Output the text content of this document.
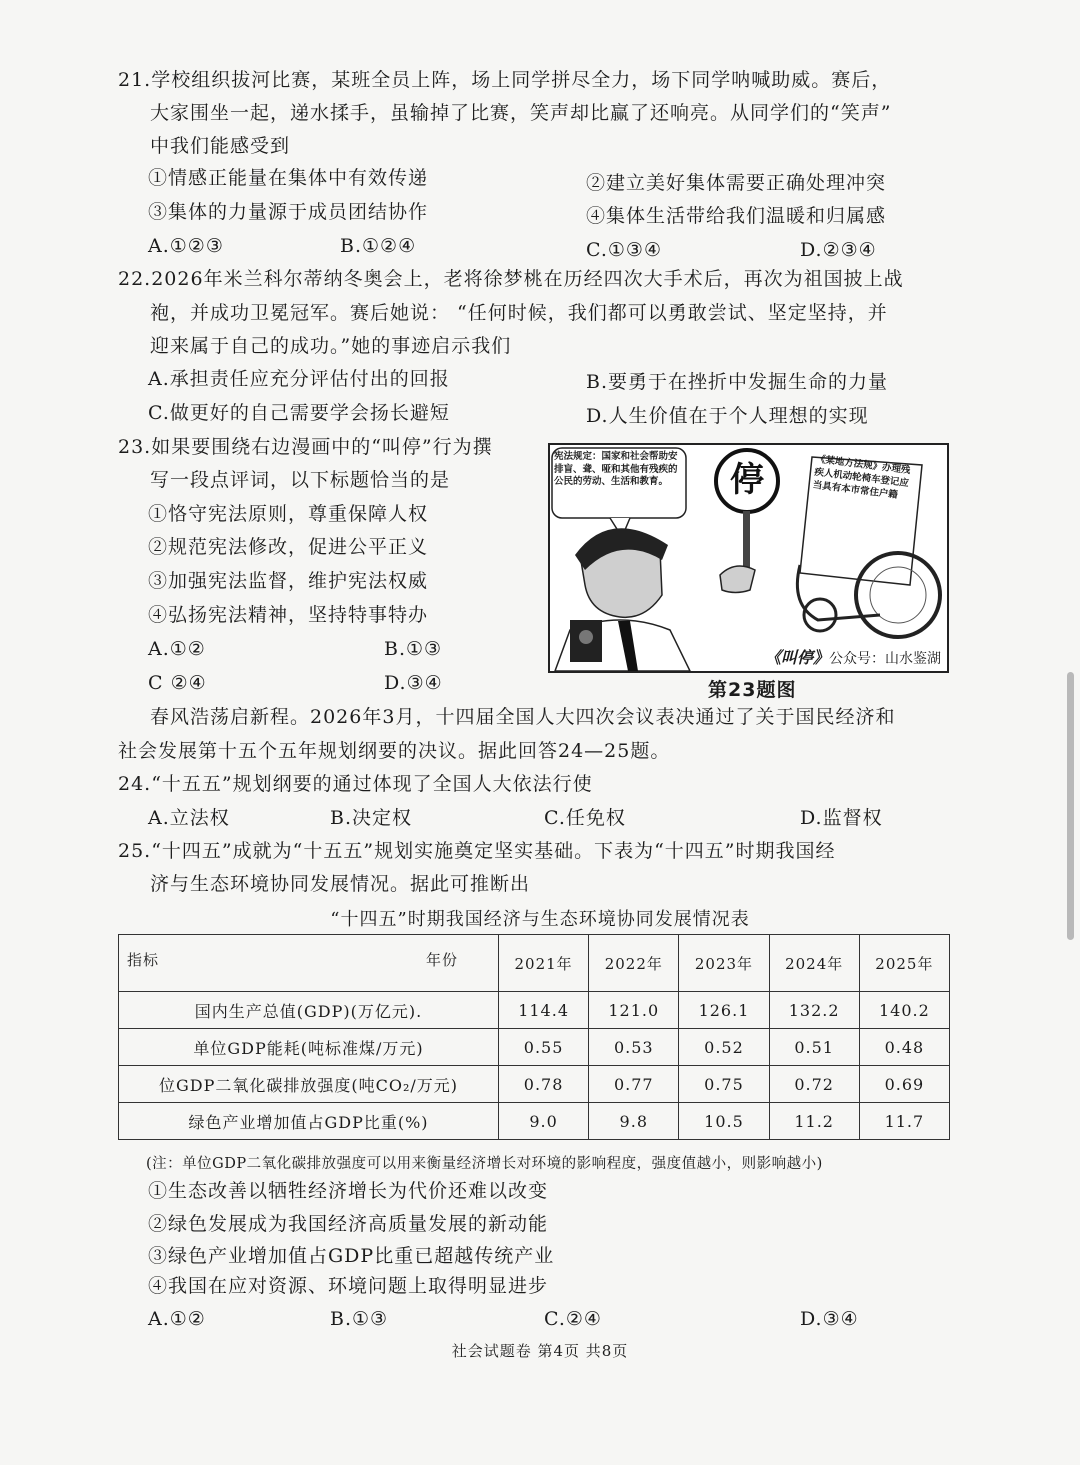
21.学校组织拔河比赛，某班全员上阵，场上同学拼尽全力，场下同学呐喊助威。赛后，
大家围坐一起，递水揉手，虽输掉了比赛，笑声却比赢了还响亮。从同学们的“笑声”
中我们能感受到
①情感正能量在集体中有效传递	②建立美好集体需要正确处理冲突
③集体的力量源于成员团结协作	④集体生活带给我们温暖和归属感
A.①②③	B.①②④	C.①③④	D.②③④
22.2026年米兰科尔蒂纳冬奥会上，老将徐梦桃在历经四次大手术后，再次为祖国披上战
袍，并成功卫冕冠军。赛后她说： “任何时候，我们都可以勇敢尝试、坚定坚持，并
迎来属于自己的成功。”她的事迹启示我们
A.承担责任应充分评估付出的回报	B.要勇于在挫折中发掘生命的力量
C.做更好的自己需要学会扬长避短	D.人生价值在于个人理想的实现
23.如果要围绕右边漫画中的“叫停”行为撰
写一段点评词，以下标题恰当的是
①恪守宪法原则，尊重保障人权
②规范宪法修改，促进公平正义
③加强宪法监督，维护宪法权威
④弘扬宪法精神，坚持特事特办
A.①②	B.①③
C ②④	D.③④
宪法规定：国家和社会帮助安排盲、聋、哑和其他有残疾的公民的劳动、生活和教育。	停	《某地方法规》办理残疾人机动轮椅车登记应当具有本市常住户籍
《叫停》公众号：山水鉴湖
第23题图
春风浩荡启新程。2026年3月，十四届全国人大四次会议表决通过了关于国民经济和
社会发展第十五个五年规划纲要的决议。据此回答24—25题。
24.“十五五”规划纲要的通过体现了全国人大依法行使
A.立法权	B.决定权	C.任免权	D.监督权
25.“十四五”成就为“十五五”规划实施奠定坚实基础。下表为“十四五”时期我国经
济与生态环境协同发展情况。据此可推断出
“十四五”时期我国经济与生态环境协同发展情况表
指标 年份	2021年	2022年	2023年	2024年	2025年
国内生产总值(GDP)(万亿元).	114.4	121.0	126.1	132.2	140.2
单位GDP能耗(吨标准煤/万元)	0.55	0.53	0.52	0.51	0.48
位GDP二氧化碳排放强度(吨CO₂/万元)	0.78	0.77	0.75	0.72	0.69
绿色产业增加值占GDP比重(%)	9.0	9.8	10.5	11.2	11.7
(注：单位GDP二氧化碳排放强度可以用来衡量经济增长对环境的影响程度，强度值越小，则影响越小)
①生态改善以牺牲经济增长为代价还难以改变
②绿色发展成为我国经济高质量发展的新动能
③绿色产业增加值占GDP比重已超越传统产业
④我国在应对资源、环境问题上取得明显进步
A.①②	B.①③	C.②④	D.③④
社会试题卷 第4页 共8页
